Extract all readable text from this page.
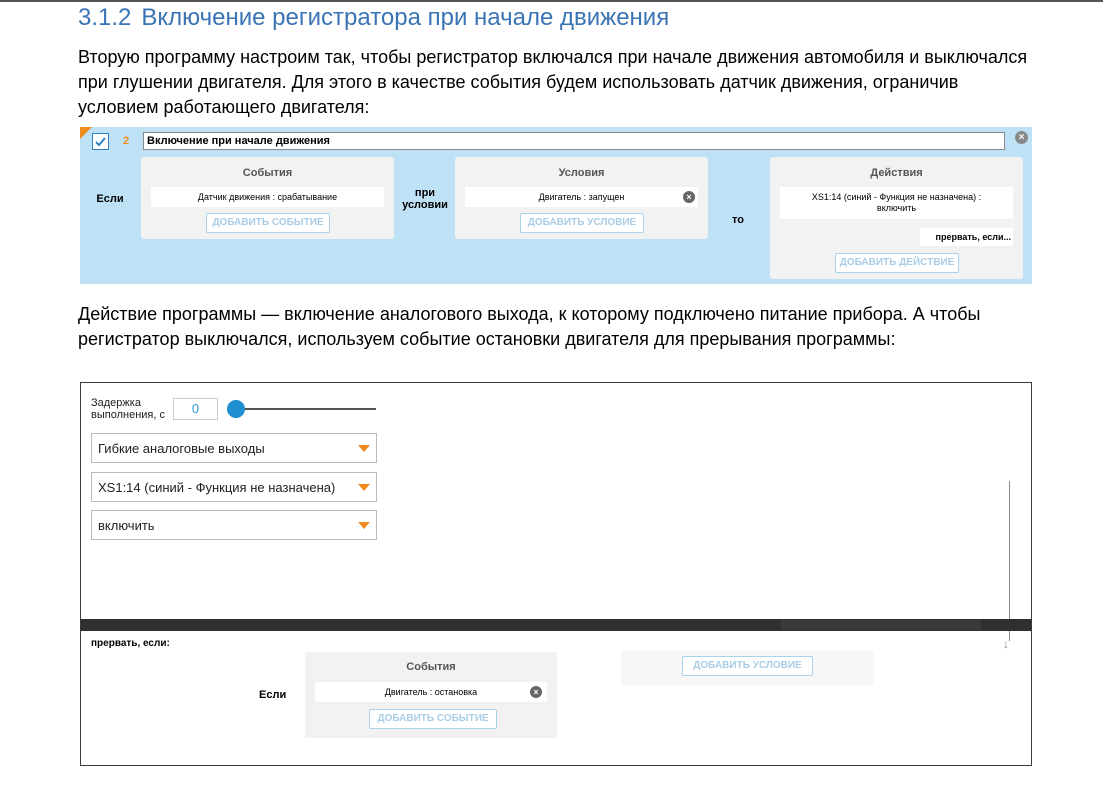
3.1.2 Включение регистратора при начале движения

Вторую программу настроим так, чтобы регистратор включался при начале движения автомобиля и выключался при глушении двигателя. Для этого в качестве события будем использовать датчик движения, ограничив условием работающего двигателя:

2	Включение при начале движения	×
Если
События
Датчик движения : срабатывание
ДОБАВИТЬ СОБЫТИЕ
при
условии
Условия
Двигатель : запущен	×
ДОБАВИТЬ УСЛОВИЕ	то
Действия
XS1:14 (синий - Функция не назначена) :
включить
прервать, если...
ДОБАВИТЬ ДЕЙСТВИЕ

Действие программы — включение аналогового выхода, к которому подключено питание прибора. А чтобы регистратор выключался, используем событие остановки двигателя для прерывания программы:

Задержка
выполнения, с	0
Гибкие аналоговые выходы
XS1:14 (синий - Функция не назначена)
включить
↓
прервать, если:
Если
События
Двигатель : остановка	×
ДОБАВИТЬ СОБЫТИЕ
ДОБАВИТЬ УСЛОВИЕ
